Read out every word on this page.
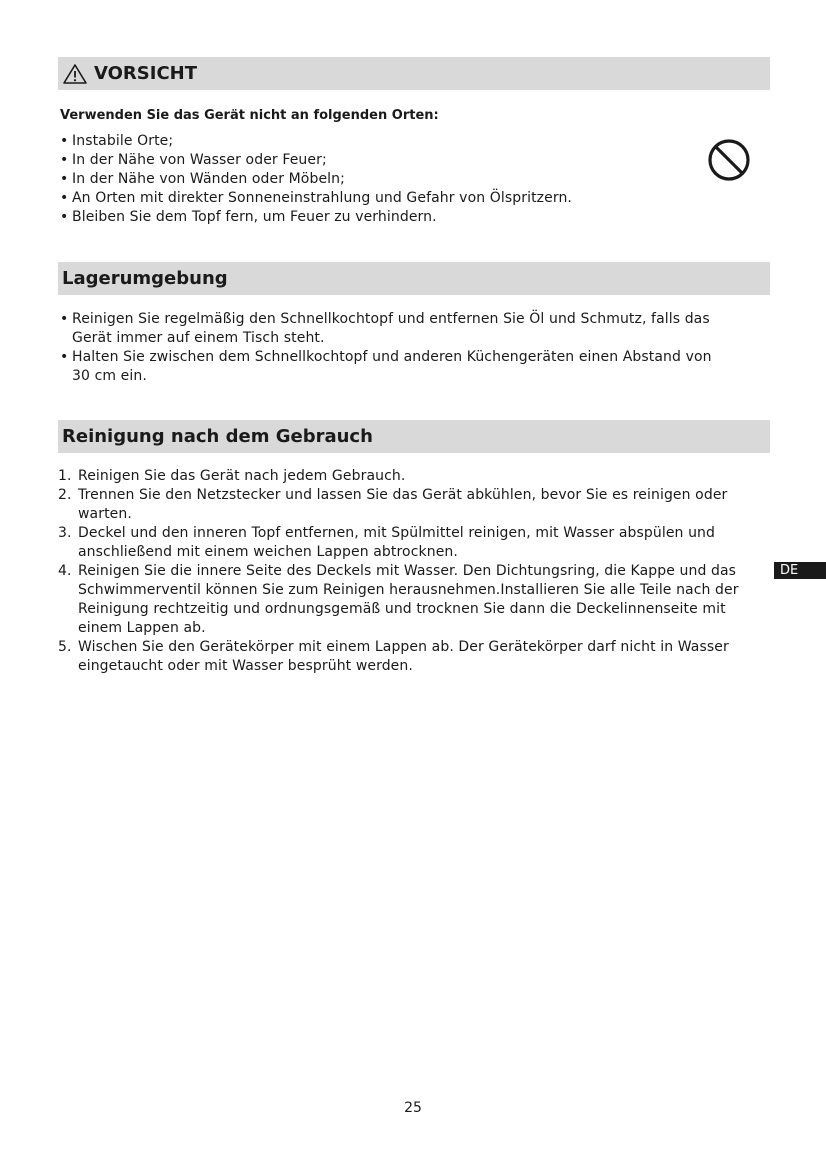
VORSICHT
Verwenden Sie das Gerät nicht an folgenden Orten:
• Instabile Orte;
• In der Nähe von Wasser oder Feuer;
• In der Nähe von Wänden oder Möbeln;
• An Orten mit direkter Sonneneinstrahlung und Gefahr von Ölspritzern.
• Bleiben Sie dem Topf fern, um Feuer zu verhindern.
Lagerumgebung
• Reinigen Sie regelmäßig den Schnellkochtopf und entfernen Sie Öl und Schmutz, falls das Gerät immer auf einem Tisch steht.
• Halten Sie zwischen dem Schnellkochtopf und anderen Küchengeräten einen Abstand von 30 cm ein.
Reinigung nach dem Gebrauch
1. Reinigen Sie das Gerät nach jedem Gebrauch.
2. Trennen Sie den Netzstecker und lassen Sie das Gerät abkühlen, bevor Sie es reinigen oder warten.
3. Deckel und den inneren Topf entfernen, mit Spülmittel reinigen, mit Wasser abspülen und anschließend mit einem weichen Lappen abtrocknen.
4. Reinigen Sie die innere Seite des Deckels mit Wasser. Den Dichtungsring, die Kappe und das Schwimmerventil können Sie zum Reinigen herausnehmen.Installieren Sie alle Teile nach der Reinigung rechtzeitig und ordnungsgemäß und trocknen Sie dann die Deckelinnenseite mit einem Lappen ab.
5. Wischen Sie den Gerätekörper mit einem Lappen ab. Der Gerätekörper darf nicht in Wasser eingetaucht oder mit Wasser besprüht werden.
DE
25
